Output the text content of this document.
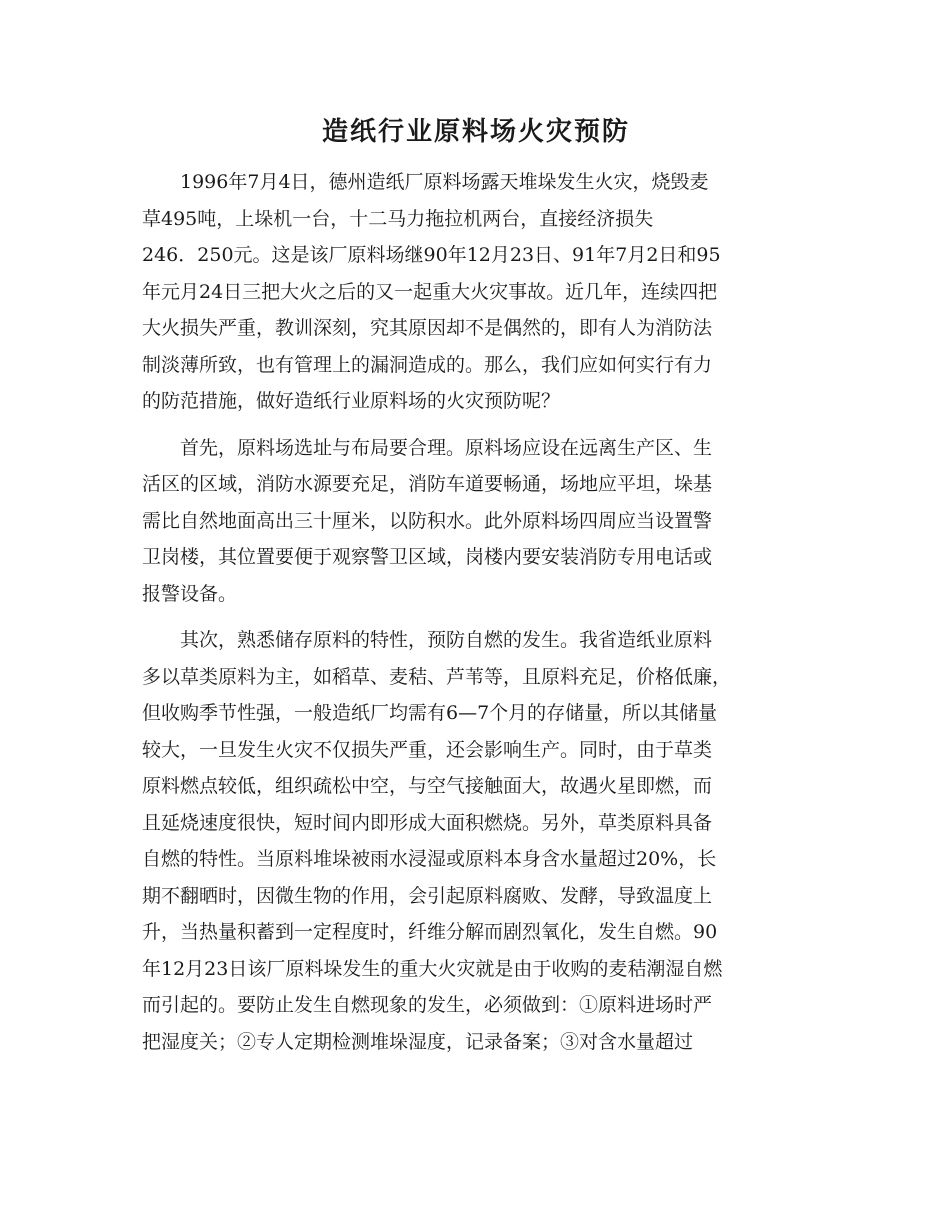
造纸行业原料场火灾预防
1996年7月4日，德州造纸厂原料场露天堆垛发生火灾，烧毁麦
草495吨，上垛机一台，十二马力拖拉机两台，直接经济损失
246．250元。这是该厂原料场继90年12月23日、91年7月2日和95
年元月24日三把大火之后的又一起重大火灾事故。近几年，连续四把
大火损失严重，教训深刻，究其原因却不是偶然的，即有人为消防法
制淡薄所致，也有管理上的漏洞造成的。那么，我们应如何实行有力
的防范措施，做好造纸行业原料场的火灾预防呢？
首先，原料场选址与布局要合理。原料场应设在远离生产区、生
活区的区域，消防水源要充足，消防车道要畅通，场地应平坦，垛基
需比自然地面高出三十厘米，以防积水。此外原料场四周应当设置警
卫岗楼，其位置要便于观察警卫区域，岗楼内要安装消防专用电话或
报警设备。
其次，熟悉储存原料的特性，预防自燃的发生。我省造纸业原料
多以草类原料为主，如稻草、麦秸、芦苇等，且原料充足，价格低廉，
但收购季节性强，一般造纸厂均需有6—7个月的存储量，所以其储量
较大，一旦发生火灾不仅损失严重，还会影响生产。同时，由于草类
原料燃点较低，组织疏松中空，与空气接触面大，故遇火星即燃，而
且延烧速度很快，短时间内即形成大面积燃烧。另外，草类原料具备
自燃的特性。当原料堆垛被雨水浸湿或原料本身含水量超过20%，长
期不翻晒时，因微生物的作用，会引起原料腐败、发酵，导致温度上
升，当热量积蓄到一定程度时，纤维分解而剧烈氧化，发生自燃。90
年12月23日该厂原料垛发生的重大火灾就是由于收购的麦秸潮湿自燃
而引起的。要防止发生自燃现象的发生，必须做到：①原料进场时严
把湿度关；②专人定期检测堆垛湿度，记录备案；③对含水量超过
